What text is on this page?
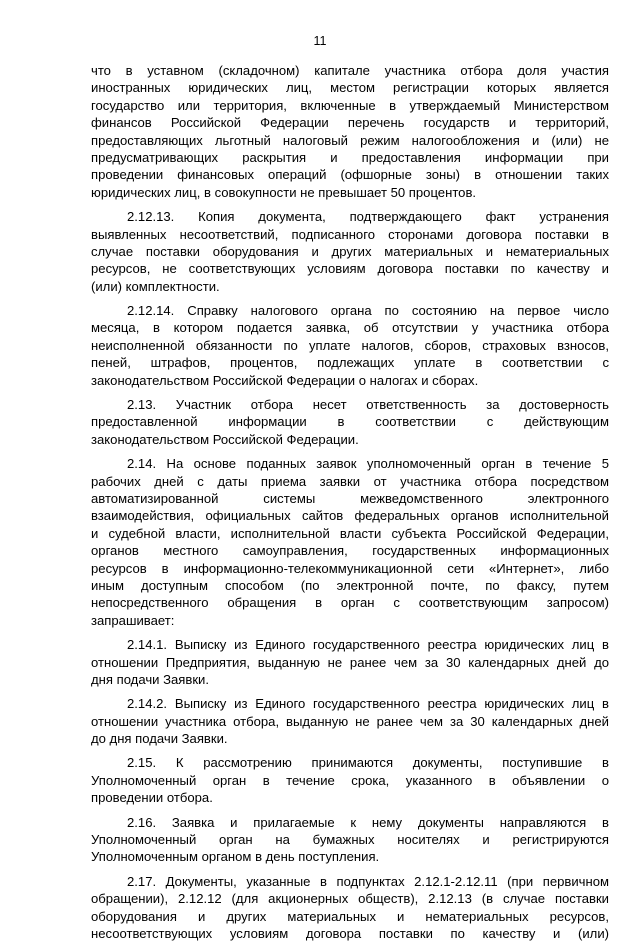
11
что в уставном (складочном) капитале участника отбора доля участия
иностранных юридических лиц, местом регистрации которых является
государство или территория, включенные в утверждаемый Министерством
финансов Российской Федерации перечень государств и территорий,
предоставляющих льготный налоговый режим налогообложения и (или) не
предусматривающих раскрытия и предоставления информации при
проведении финансовых операций (офшорные зоны) в отношении таких
юридических лиц, в совокупности не превышает 50 процентов.
2.12.13. Копия документа, подтверждающего факт устранения
выявленных несоответствий, подписанного сторонами договора поставки в
случае поставки оборудования и других материальных и нематериальных
ресурсов, не соответствующих условиям договора поставки по качеству и
(или) комплектности.
2.12.14. Справку налогового органа по состоянию на первое число
месяца, в котором подается заявка, об отсутствии у участника отбора
неисполненной обязанности по уплате налогов, сборов, страховых взносов,
пеней, штрафов, процентов, подлежащих уплате в соответствии с
законодательством Российской Федерации о налогах и сборах.
2.13. Участник отбора несет ответственность за достоверность
предоставленной информации в соответствии с действующим
законодательством Российской Федерации.
2.14. На основе поданных заявок уполномоченный орган в течение 5
рабочих дней с даты приема заявки от участника отбора посредством
автоматизированной системы межведомственного электронного
взаимодействия, официальных сайтов федеральных органов исполнительной
и судебной власти, исполнительной власти субъекта Российской Федерации,
органов местного самоуправления, государственных информационных
ресурсов в информационно-телекоммуникационной сети «Интернет», либо
иным доступным способом (по электронной почте, по факсу, путем
непосредственного обращения в орган с соответствующим запросом)
запрашивает:
2.14.1. Выписку из Единого государственного реестра юридических лиц в
отношении Предприятия, выданную не ранее чем за 30 календарных дней до
дня подачи Заявки.
2.14.2. Выписку из Единого государственного реестра юридических лиц в
отношении участника отбора, выданную не ранее чем за 30 календарных дней
до дня подачи Заявки.
2.15. К рассмотрению принимаются документы, поступившие в
Уполномоченный орган в течение срока, указанного в объявлении о
проведении отбора.
2.16. Заявка и прилагаемые к нему документы направляются в
Уполномоченный орган на бумажных носителях и регистрируются
Уполномоченным органом в день поступления.
2.17. Документы, указанные в подпунктах 2.12.1-2.12.11 (при первичном
обращении), 2.12.12 (для акционерных обществ), 2.12.13 (в случае поставки
оборудования и других материальных и нематериальных ресурсов,
несоответствующих условиям договора поставки по качеству и (или)
